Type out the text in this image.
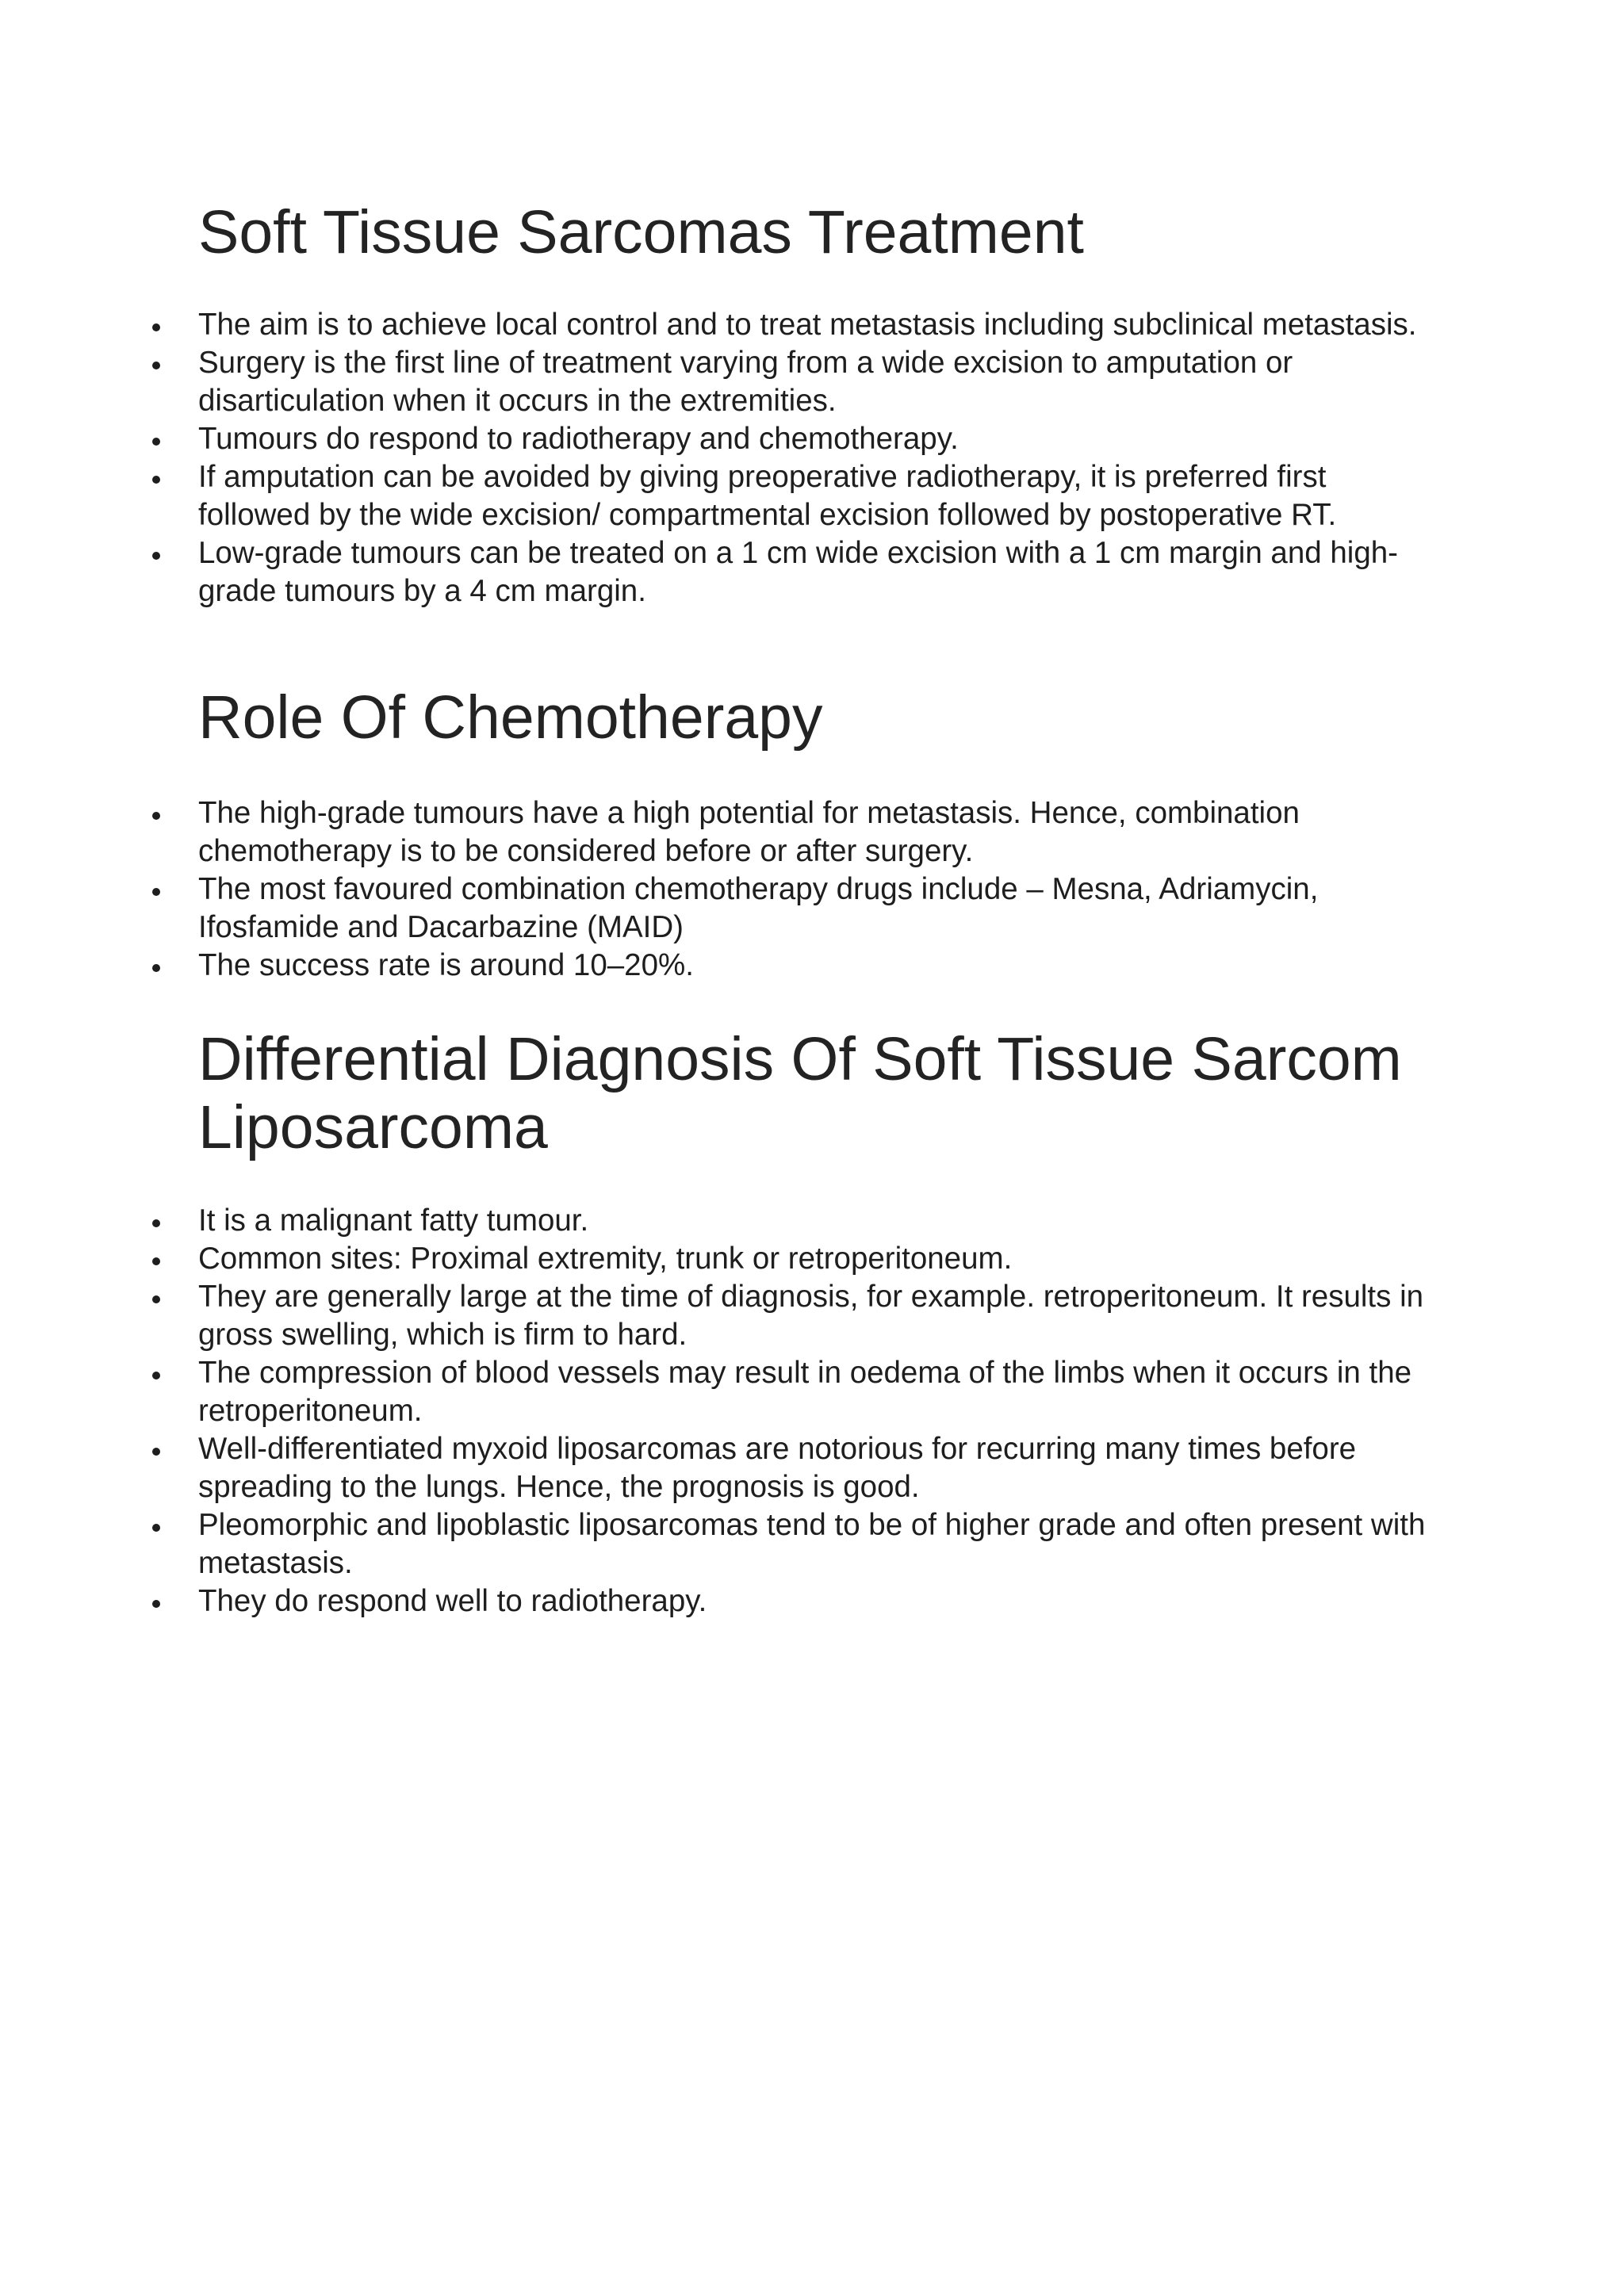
Soft Tissue Sarcomas Treatment
The aim is to achieve local control and to treat metastasis including subclinical metastasis.
Surgery is the first line of treatment varying from a wide excision to amputation or disarticulation when it occurs in the extremities.
Tumours do respond to radiotherapy and chemotherapy.
If amputation can be avoided by giving preoperative radiotherapy, it is preferred first followed by the wide excision/ compartmental excision followed by postoperative RT.
Low-grade tumours can be treated on a 1 cm wide excision with a 1 cm margin and high-grade tumours by a 4 cm margin.
Role Of Chemotherapy
The high-grade tumours have a high potential for metastasis. Hence, combination chemotherapy is to be considered before or after surgery.
The most favoured combination chemotherapy drugs include – Mesna, Adriamycin, Ifosfamide and Dacarbazine (MAID)
The success rate is around 10–20%.
Differential Diagnosis Of Soft Tissue Sarcom
Liposarcoma
It is a malignant fatty tumour.
Common sites: Proximal extremity, trunk or retroperitoneum.
They are generally large at the time of diagnosis, for example. retroperitoneum. It results in gross swelling, which is firm to hard.
The compression of blood vessels may result in oedema of the limbs when it occurs in the retroperitoneum.
Well-differentiated myxoid liposarcomas are notorious for recurring many times before spreading to the lungs. Hence, the prognosis is good.
Pleomorphic and lipoblastic liposarcomas tend to be of higher grade and often present with metastasis.
They do respond well to radiotherapy.
